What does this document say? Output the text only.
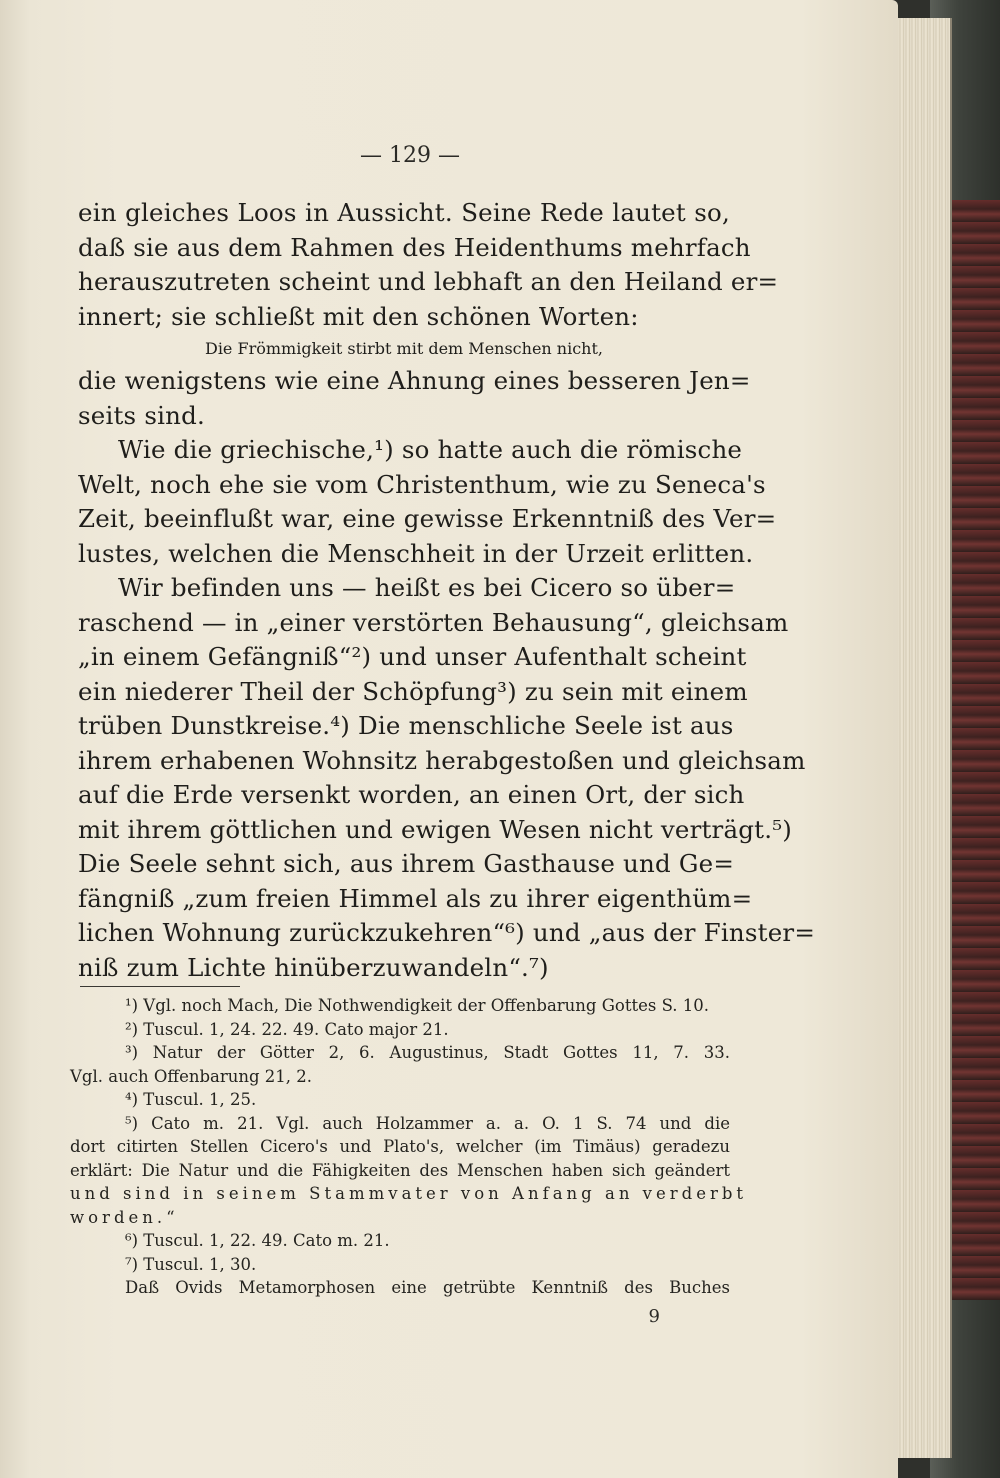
— 129 —
ein gleiches Loos in Aussicht. Seine Rede lautet so,
daß sie aus dem Rahmen des Heidenthums mehrfach
herauszutreten scheint und lebhaft an den Heiland er=
innert; sie schließt mit den schönen Worten:
Die Frömmigkeit stirbt mit dem Menschen nicht,
die wenigstens wie eine Ahnung eines besseren Jen=
seits sind.
Wie die griechische,¹) so hatte auch die römische
Welt, noch ehe sie vom Christenthum, wie zu Seneca's
Zeit, beeinflußt war, eine gewisse Erkenntniß des Ver=
lustes, welchen die Menschheit in der Urzeit erlitten.
Wir befinden uns — heißt es bei Cicero so über=
raschend — in „einer verstörten Behausung“, gleichsam
„in einem Gefängniß“²) und unser Aufenthalt scheint
ein niederer Theil der Schöpfung³) zu sein mit einem
trüben Dunstkreise.⁴) Die menschliche Seele ist aus
ihrem erhabenen Wohnsitz herabgestoßen und gleichsam
auf die Erde versenkt worden, an einen Ort, der sich
mit ihrem göttlichen und ewigen Wesen nicht verträgt.⁵)
Die Seele sehnt sich, aus ihrem Gasthause und Ge=
fängniß „zum freien Himmel als zu ihrer eigenthüm=
lichen Wohnung zurückzukehren“⁶) und „aus der Finster=
niß zum Lichte hinüberzuwandeln“.⁷)
¹) Vgl. noch Mach, Die Nothwendigkeit der Offenbarung Gottes S. 10.
²) Tuscul. 1, 24. 22. 49. Cato major 21.
³) Natur der Götter 2, 6. Augustinus, Stadt Gottes 11, 7. 33.
Vgl. auch Offenbarung 21, 2.
⁴) Tuscul. 1, 25.
⁵) Cato m. 21. Vgl. auch Holzammer a. a. O. 1 S. 74 und die
dort citirten Stellen Cicero's und Plato's, welcher (im Timäus) geradezu
erklärt: Die Natur und die Fähigkeiten des Menschen haben sich geändert
und sind in seinem Stammvater von Anfang an verderbt
worden.“
⁶) Tuscul. 1, 22. 49. Cato m. 21.
⁷) Tuscul. 1, 30.
Daß Ovids Metamorphosen eine getrübte Kenntniß des Buches
9
